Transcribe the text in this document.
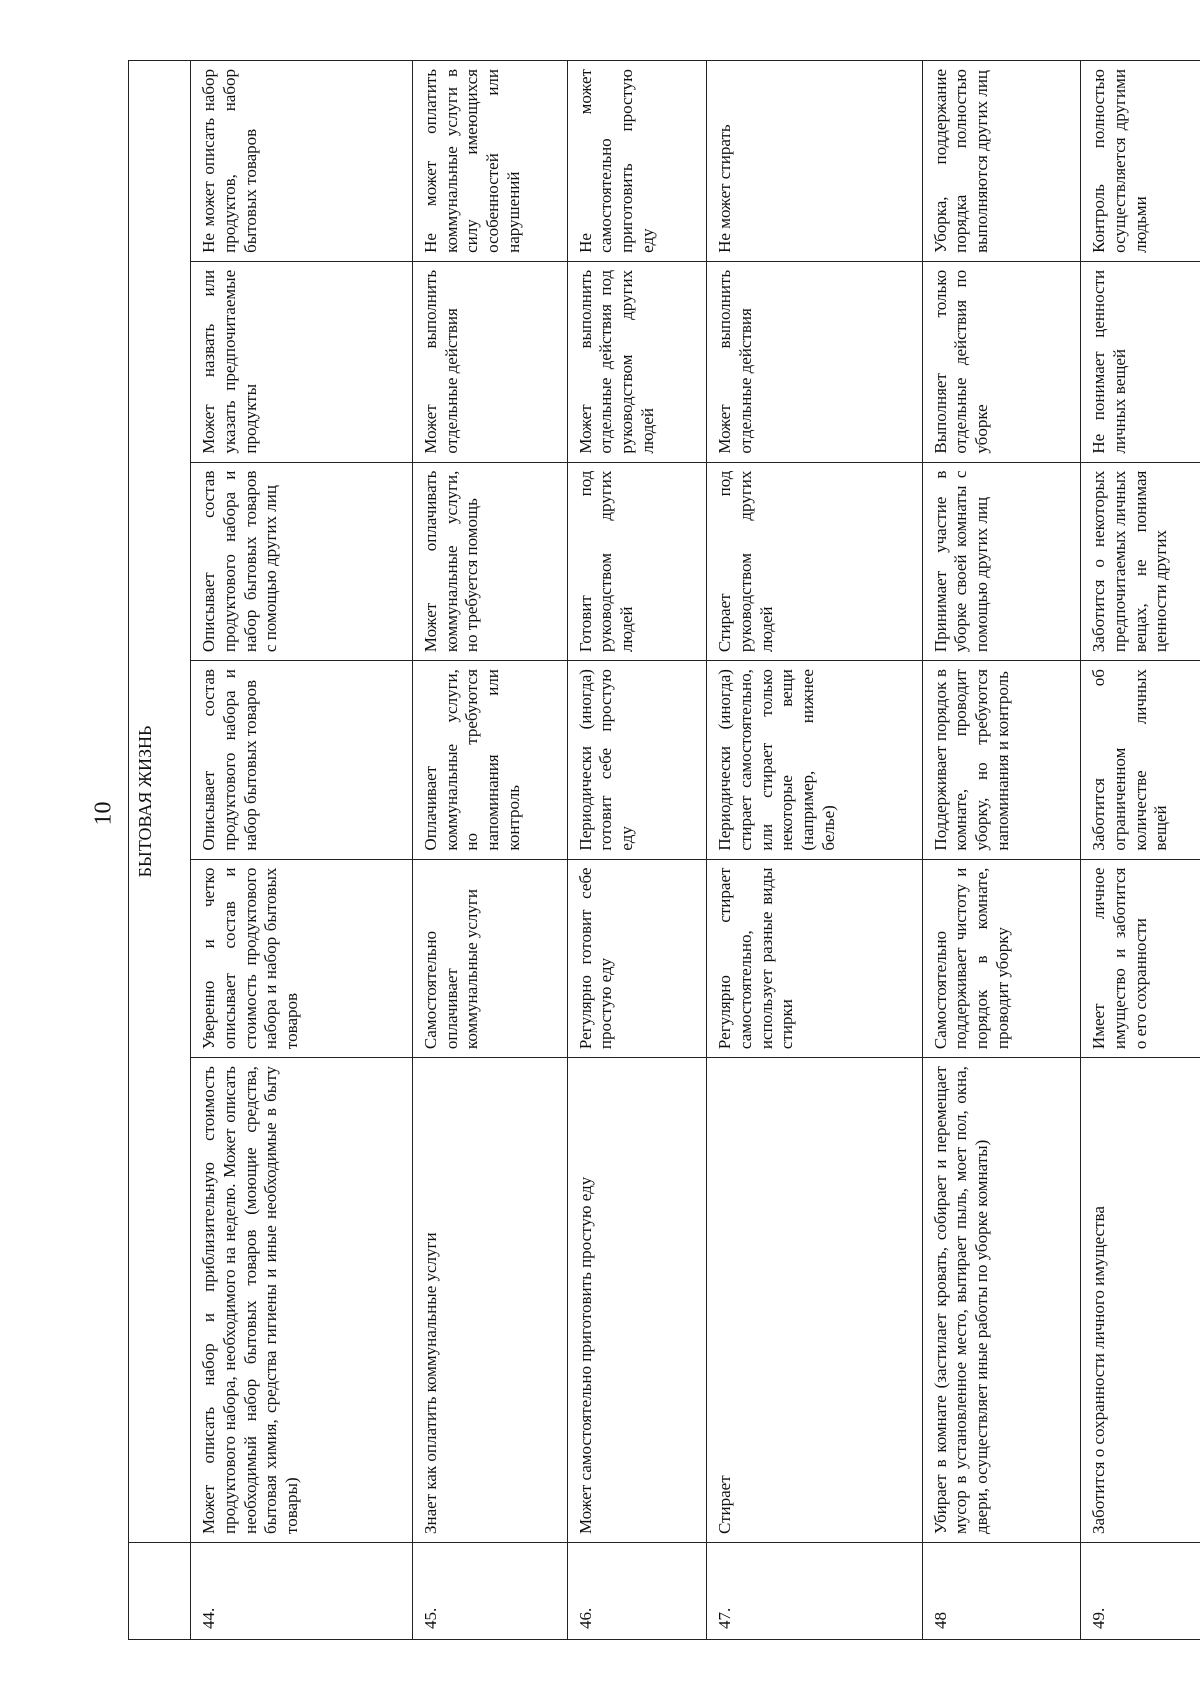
10
	БЫТОВАЯ ЖИЗНЬ					
44.	Может описать набор и приблизительную стоимость продуктового набора, необходимого на неделю. Может описать необходимый набор бытовых товаров (моющие средства, бытовая химия, средства гигиены и иные необходимые в быту товары)	Уверенно и четко описывает состав и стоимость продуктового набора и набор бытовых товаров	Описывает состав продуктового набора и набор бытовых товаров	Описывает состав продуктового набора и набор бытовых товаров с помощью других лиц	Может назвать или указать предпочитаемые продукты	Не может описать набор продуктов, набор бытовых товаров
45.	Знает как оплатить коммунальные услуги	Самостоятельно оплачивает коммунальные услуги	Оплачивает коммунальные услуги, но требуются напоминания или контроль	Может оплачивать коммунальные услуги, но требуется помощь	Может выполнить отдельные действия	Не может оплатить коммунальные услуги в силу имеющихся особенностей или нарушений
46.	Может самостоятельно приготовить простую еду	Регулярно готовит себе простую еду	Периодически (иногда) готовит себе простую еду	Готовит под руководством других людей	Может выполнить отдельные действия под руководством других людей	Не может самостоятельно приготовить простую еду
47.	Стирает	Регулярно стирает самостоятельно, использует разные виды стирки	Периодически (иногда) стирает самостоятельно, или стирает только некоторые вещи (например, нижнее белье)	Стирает под руководством других людей	Может выполнить отдельные действия	Не может стирать
48	Убирает в комнате (застилает кровать, собирает и перемещает мусор в установленное место, вытирает пыль, моет пол, окна, двери, осуществляет иные работы по уборке комнаты)	Самостоятельно поддерживает чистоту и порядок в комнате, проводит уборку	Поддерживает порядок в комнате, проводит уборку, но требуются напоминания и контроль	Принимает участие в уборке своей комнаты с помощью других лиц	Выполняет только отдельные действия по уборке	Уборка, поддержание порядка полностью выполняются других лиц
49.	Заботится о сохранности личного имущества	Имеет личное имущество и заботится о его сохранности	Заботится об ограниченном количестве личных вещей	Заботится о некоторых предпочитаемых личных вещах, не понимая ценности других	Не понимает ценности личных вещей	Контроль полностью осуществляется другими людьми
